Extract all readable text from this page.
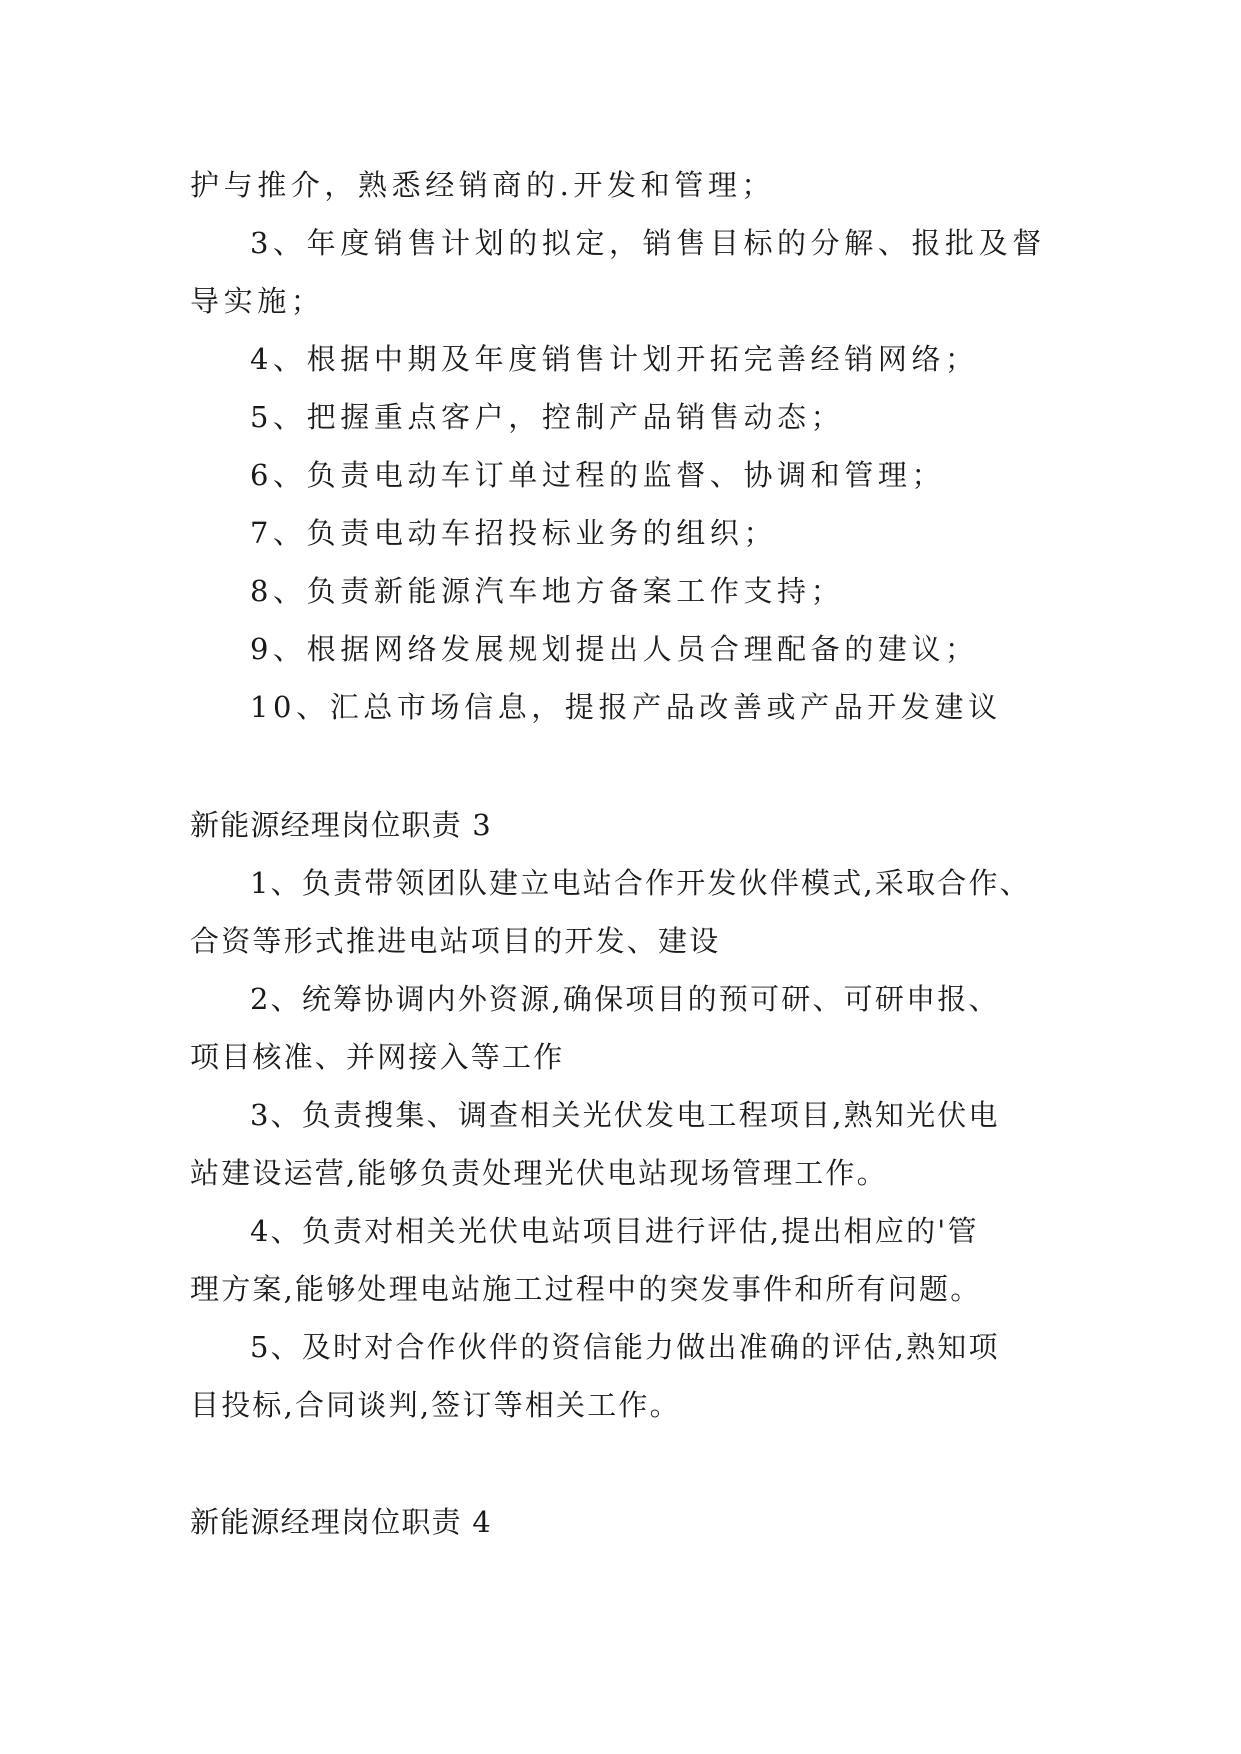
护与推介，熟悉经销商的.开发和管理；
3、年度销售计划的拟定，销售目标的分解、报批及督
导实施；
4、根据中期及年度销售计划开拓完善经销网络；
5、把握重点客户，控制产品销售动态；
6、负责电动车订单过程的监督、协调和管理；
7、负责电动车招投标业务的组织；
8、负责新能源汽车地方备案工作支持；
9、根据网络发展规划提出人员合理配备的建议；
10、汇总市场信息，提报产品改善或产品开发建议
新能源经理岗位职责 3
1、负责带领团队建立电站合作开发伙伴模式,采取合作、
合资等形式推进电站项目的开发、建设
2、统筹协调内外资源,确保项目的预可研、可研申报、
项目核准、并网接入等工作
3、负责搜集、调查相关光伏发电工程项目,熟知光伏电
站建设运营,能够负责处理光伏电站现场管理工作。
4、负责对相关光伏电站项目进行评估,提出相应的'管
理方案,能够处理电站施工过程中的突发事件和所有问题。
5、及时对合作伙伴的资信能力做出准确的评估,熟知项
目投标,合同谈判,签订等相关工作。
新能源经理岗位职责 4
